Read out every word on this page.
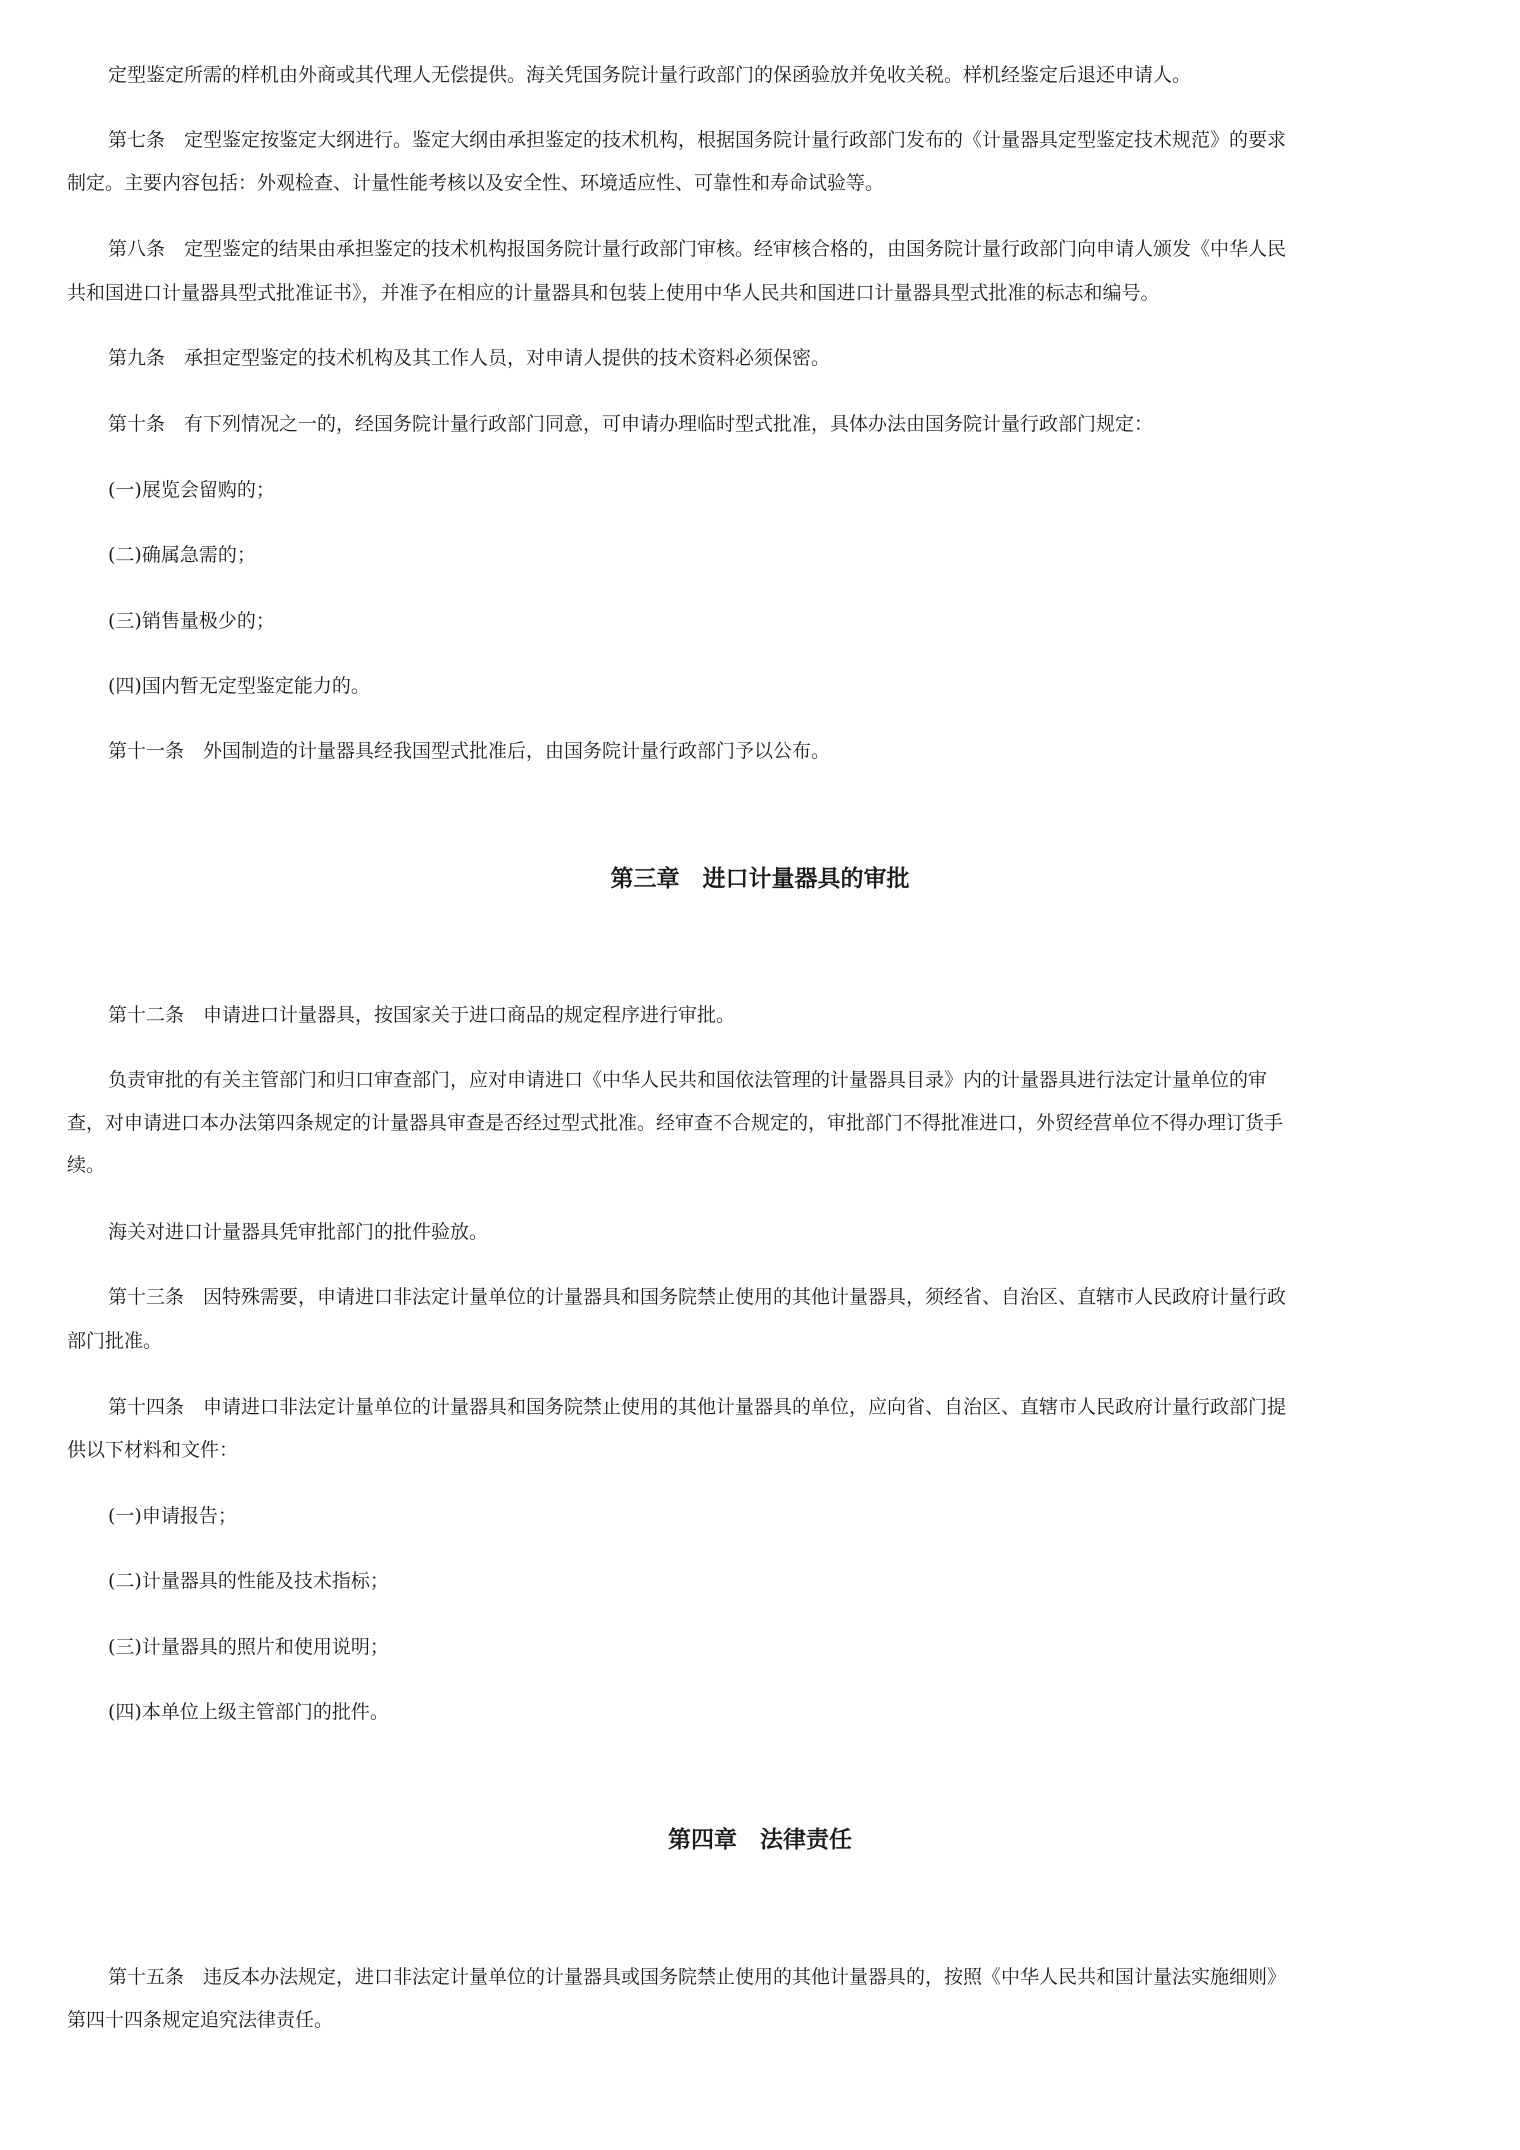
定型鉴定所需的样机由外商或其代理人无偿提供。海关凭国务院计量行政部门的保函验放并免收关税。样机经鉴定后退还申请人。

第七条　定型鉴定按鉴定大纲进行。鉴定大纲由承担鉴定的技术机构，根据国务院计量行政部门发布的《计量器具定型鉴定技术规范》的要求

制定。主要内容包括：外观检查、计量性能考核以及安全性、环境适应性、可靠性和寿命试验等。

第八条　定型鉴定的结果由承担鉴定的技术机构报国务院计量行政部门审核。经审核合格的，由国务院计量行政部门向申请人颁发《中华人民

共和国进口计量器具型式批准证书》，并准予在相应的计量器具和包装上使用中华人民共和国进口计量器具型式批准的标志和编号。

第九条　承担定型鉴定的技术机构及其工作人员，对申请人提供的技术资料必须保密。

第十条　有下列情况之一的，经国务院计量行政部门同意，可申请办理临时型式批准，具体办法由国务院计量行政部门规定：

(一)展览会留购的；

(二)确属急需的；

(三)销售量极少的；

(四)国内暂无定型鉴定能力的。

第十一条　外国制造的计量器具经我国型式批准后，由国务院计量行政部门予以公布。

第三章　进口计量器具的审批

第十二条　申请进口计量器具，按国家关于进口商品的规定程序进行审批。

负责审批的有关主管部门和归口审查部门，应对申请进口《中华人民共和国依法管理的计量器具目录》内的计量器具进行法定计量单位的审

查，对申请进口本办法第四条规定的计量器具审查是否经过型式批准。经审查不合规定的，审批部门不得批准进口，外贸经营单位不得办理订货手
续。

海关对进口计量器具凭审批部门的批件验放。

第十三条　因特殊需要，申请进口非法定计量单位的计量器具和国务院禁止使用的其他计量器具，须经省、自治区、直辖市人民政府计量行政

部门批准。

第十四条　申请进口非法定计量单位的计量器具和国务院禁止使用的其他计量器具的单位，应向省、自治区、直辖市人民政府计量行政部门提

供以下材料和文件：

(一)申请报告；

(二)计量器具的性能及技术指标；

(三)计量器具的照片和使用说明；

(四)本单位上级主管部门的批件。

第四章　法律责任

第十五条　违反本办法规定，进口非法定计量单位的计量器具或国务院禁止使用的其他计量器具的，按照《中华人民共和国计量法实施细则》

第四十四条规定追究法律责任。
